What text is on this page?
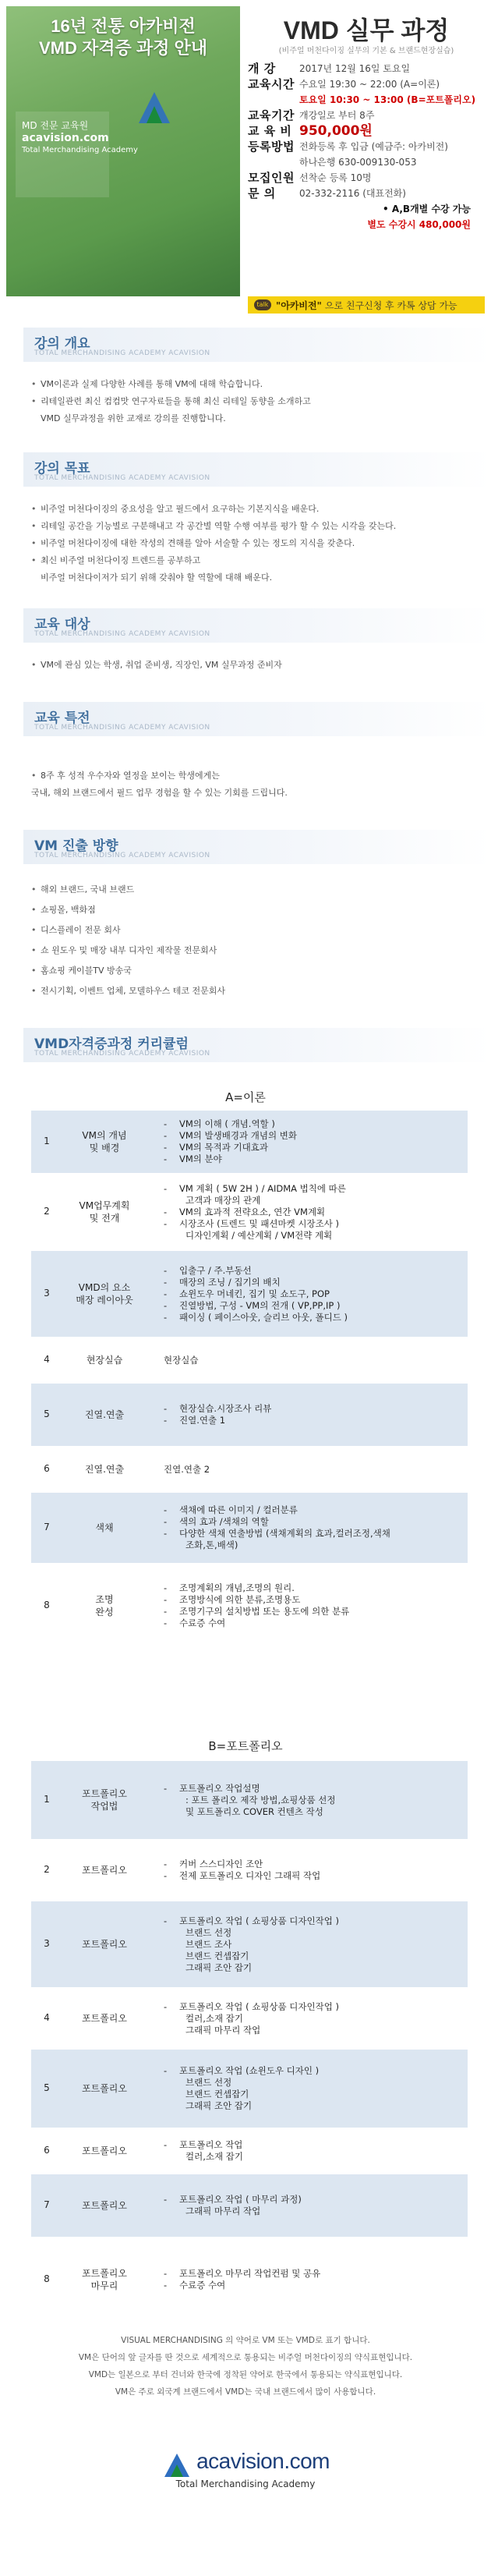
16년 전통 아카비전
VMD 자격증 과정 안내
MD 전문 교육원
acavision.com
Total Merchandising Academy
VMD 실무 과정
(비주얼 머천다이징 실무의 기본 & 브랜드현장실습)
개 강	2017년 12월 16일 토요일
교육시간 수요일 19:30 ~ 22:00 (A=이론)
토요일 10:30 ~ 13:00 (B=포트폴리오)
교육기간 개강일로 부터 8주
교 육 비 950,000원
등록방법 전화등록 후 입금 (예금주: 아카비전)
하나은행 630-009130-053
모집인원 선착순 등록 10명
문 의	02-332-2116 (대표전화)
• A,B개별 수강 가능
별도 수강시 480,000원
talk "아카비전" 으로 친구신청 후 카톡 상담 가능
강의 개요
TOTAL MERCHANDISING ACADEMY ACAVISION
• VM이론과 실제 다양한 사례를 통해 VM에 대해 학습합니다.
• 리테일관련 최신 컴컴맛 연구자료들을 통해 최신 리테일 동향을 소개하고
VMD 실무과정을 위한 교재로 강의를 진행합니다.
강의 목표
TOTAL MERCHANDISING ACADEMY ACAVISION
• 비주얼 머천다이징의 중요성을 알고 필드에서 요구하는 기본지식을 배운다.
• 리테일 공간을 기능별로 구분해내고 각 공간별 역할 수행 여부를 평가 할 수 있는 시각을 갖는다.
• 비주얼 머천다이징에 대한 작성의 견해를 알아 서술할 수 있는 정도의 지식을 갖춘다.
• 최신 비주얼 머천다이징 트렌드를 공부하고
비주얼 머천다이저가 되기 위해 갖춰야 할 역할에 대해 배운다.
교육 대상
TOTAL MERCHANDISING ACADEMY ACAVISION
• VM에 관심 있는 학생, 취업 준비생, 직장인, VM 실무과정 준비자
교육 특전
TOTAL MERCHANDISING ACADEMY ACAVISION
• 8주 후 성적 우수자와 열정을 보이는 학생에게는
국내, 해외 브랜드에서 필드 업무 경험을 할 수 있는 기회를 드립니다.
VM 진출 방향
TOTAL MERCHANDISING ACADEMY ACAVISION
• 해외 브랜드, 국내 브랜드
• 쇼핑몰, 백화점
• 디스플레이 전문 회사
• 쇼 윈도우 및 매장 내부 디자인 제작물 전문회사
• 홈쇼핑 케이블TV 방송국
• 전시기획, 이벤트 업체, 모델하우스 테코 전문회사
VMD자격증과정 커리큘럼
TOTAL MERCHANDISING ACADEMY ACAVISION
A=이론
1	VM의 개념
및 배경
- VM의 이해 ( 개념.역할 )
- VM의 발생배경과 개념의 변화
- VM의 목적과 기대효과
- VM의 분야
2	VM업무계획
및 전개
- VM 계획 ( 5W 2H ) / AIDMA 법칙에 따른
고객과 매장의 관계
- VM의 효과적 전략요소, 연간 VM계획
- 시장조사 (트렌드 및 패션마켓 시장조사 )
디자인계획 / 예산계획 / VM전략 계획
3	VMD의 요소
매장 레이아웃
- 입출구 / 주.부동선
- 매장의 조닝 / 집기의 배치
- 쇼윈도우 머네킨, 집기 및 쇼도구, POP
- 진열방법, 구성 - VM의 전개 ( VP,PP,IP )
- 패이싱 ( 페이스아웃, 슬리브 아웃, 폴디드 )
4	현장실습	현장실습
5	진열.연출
- 현장실습.시장조사 리뷰
- 진열.연출 1
6	진열.연출	진열.연출 2
7	색채
- 색채에 따른 이미지 / 컬러분류
- 색의 효과 /색채의 역할
- 다양한 색채 연출방법 (색채계획의 효과,컬러조정,색채
조화,톤,배색)
8	조명
완성
- 조명계획의 개념,조명의 원리.
- 조명방식에 의한 분류,조명용도
- 조명기구의 설치방법 또는 용도에 의한 분류
- 수료증 수여
B=포트폴리오
1	포트폴리오
작업법
- 포트폴리오 작업설명
: 포트 폴리오 제작 방법,쇼핑상품 선정
및 포트폴리오 COVER 컨텐츠 작성
2	포트폴리오
- 커버 스스디자인 조안
- 전제 포트폴리오 디자인 그래픽 작업
3	포트폴리오
- 포트폴리오 작업 ( 쇼핑상품 디자인작업 )
브랜드 선정
브랜드 조사
브랜드 컨셉잡기
그래픽 조안 잡기
4	포트폴리오
- 포트폴리오 작업 ( 쇼핑상품 디자인작업 )
컬러,소재 잡기
그래픽 마무리 작업
5	포트폴리오
- 포트폴리오 작업 (쇼윈도우 디자인 )
브랜드 선정
브랜드 컨셉잡기
그래픽 조안 잡기
6	포트폴리오
- 포트폴리오 작업
컬러,소재 잡기
7	포트폴리오
- 포트폴리오 작업 ( 마무리 과정)
그래픽 마무리 작업
8	포트폴리오
마무리
- 포트폴리오 마무리 작업컨펌 및 공유
- 수료증 수여
VISUAL MERCHANDISING 의 약어로 VM 또는 VMD로 표기 합니다.
VM은 단어의 앞 글자를 딴 것으로 세계적으로 통용되는 비주얼 머천다이징의 약식표현입니다.
VMD는 일본으로 부터 건너와 한국에 정착된 약어로 한국에서 통용되는 약식표현입니다.
VM은 주로 외국계 브랜드에서 VMD는 국내 브랜드에서 많이 사용합니다.
acavision.com
Total Merchandising Academy
